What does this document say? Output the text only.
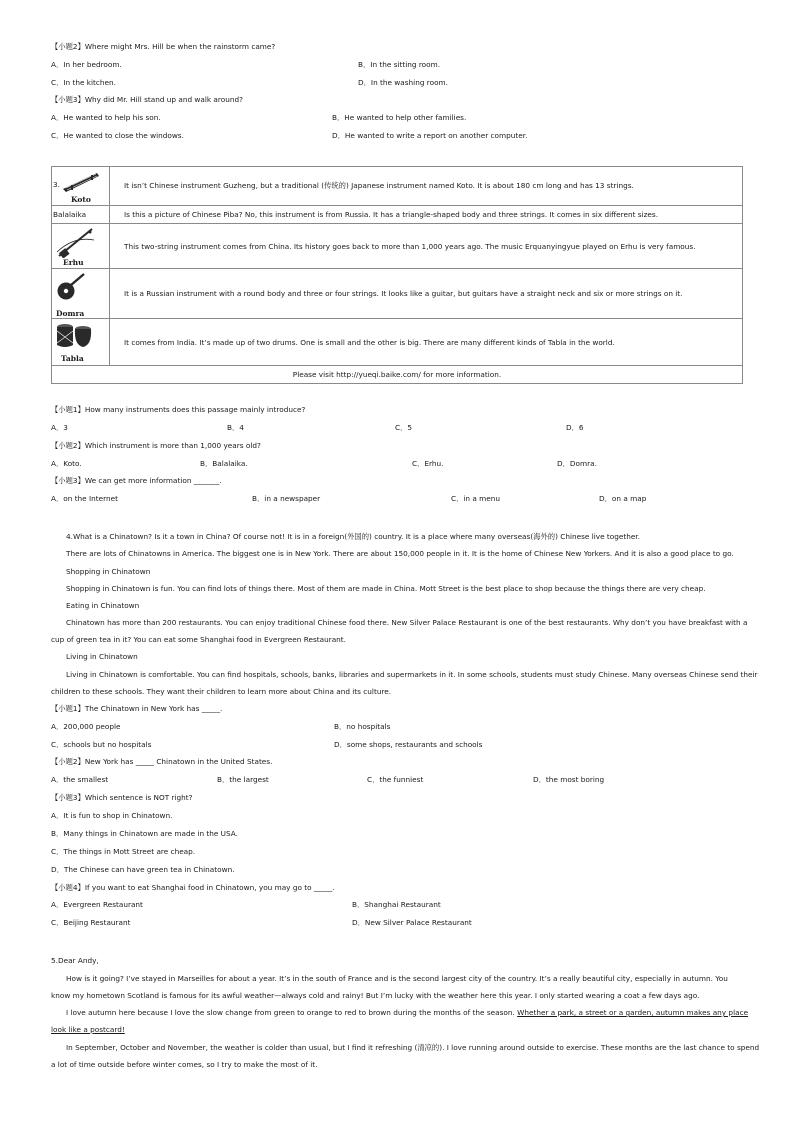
【小题2】Where might Mrs. Hill be when the rainstorm came?
A．In her bedroom.	B．In the sitting room.
C．In the kitchen.	D．In the washing room.
【小题3】Why did Mr. Hill stand up and walk around?
A．He wanted to help his son.	B．He wanted to help other families.
C．He wanted to close the windows.	D．He wanted to write a report on another computer.
3.
Koto	It isn’t Chinese instrument Guzheng, but a traditional (传统的) Japanese instrument named Koto. It is about 180 cm long and has 13 strings.
Balalaika	Is this a picture of Chinese Piba? No, this instrument is from Russia. It has a triangle-shaped body and three strings. It comes in six different sizes.

Erhu	This two-string instrument comes from China. Its history goes back to more than 1,000 years ago. The music Erquanyingyue played on Erhu is very famous.

Domra	It is a Russian instrument with a round body and three or four strings. It looks like a guitar, but guitars have a straight neck and six or more strings on it.

Tabla	It comes from India. It’s made up of two drums. One is small and the other is big. There are many different kinds of Tabla in the world.
Please visit http://yueqi.baike.com/ for more information.	
【小题1】How many instruments does this passage mainly introduce?
A．3	B．4	C．5	D．6
【小题2】Which instrument is more than 1,000 years old?
A．Koto.	B．Balalaika.	C．Erhu.	D．Domra.
【小题3】We can get more information _______.
A．on the Internet	B．in a newspaper	C．in a menu	D．on a map
4.What is a Chinatown? Is it a town in China? Of course not! It is in a foreign(外国的) country. It is a place where many overseas(海外的) Chinese live together.
There are lots of Chinatowns in America. The biggest one is in New York. There are about 150,000 people in it. It is the home of Chinese New Yorkers. And it is also a good place to go.
Shopping in Chinatown
Shopping in Chinatown is fun. You can find lots of things there. Most of them are made in China. Mott Street is the best place to shop because the things there are very cheap.
Eating in Chinatown
Chinatown has more than 200 restaurants. You can enjoy traditional Chinese food there. New Silver Palace Restaurant is one of the best restaurants. Why don’t you have breakfast with a
cup of green tea in it? You can eat some Shanghai food in Evergreen Restaurant.
Living in Chinatown
Living in Chinatown is comfortable. You can find hospitals, schools, banks, libraries and supermarkets in it. In some schools, students must study Chinese. Many overseas Chinese send their
children to these schools. They want their children to learn more about China and its culture.
【小题1】The Chinatown in New York has _____.
A．200,000 people	B．no hospitals
C．schools but no hospitals	D．some shops, restaurants and schools
【小题2】New York has _____ Chinatown in the United States.
A．the smallest	B．the largest	C．the funniest	D．the most boring
【小题3】Which sentence is NOT right?
A．It is fun to shop in Chinatown.
B．Many things in Chinatown are made in the USA.
C．The things in Mott Street are cheap.
D．The Chinese can have green tea in Chinatown.
【小题4】If you want to eat Shanghai food in Chinatown, you may go to _____.
A．Evergreen Restaurant	B．Shanghai Restaurant
C．Beijing Restaurant	D．New Silver Palace Restaurant
5.Dear Andy,
How is it going? I’ve stayed in Marseilles for about a year. It’s in the south of France and is the second largest city of the country. It’s a really beautiful city, especially in autumn. You
know my hometown Scotland is famous for its awful weather—always cold and rainy! But I’m lucky with the weather here this year. I only started wearing a coat a few days ago.
I love autumn here because I love the slow change from green to orange to red to brown during the months of the season. Whether a park, a street or a garden, autumn makes any place
look like a postcard!
In September, October and November, the weather is colder than usual, but I find it refreshing (清凉的). I love running around outside to exercise. These months are the last chance to spend
a lot of time outside before winter comes, so I try to make the most of it.
